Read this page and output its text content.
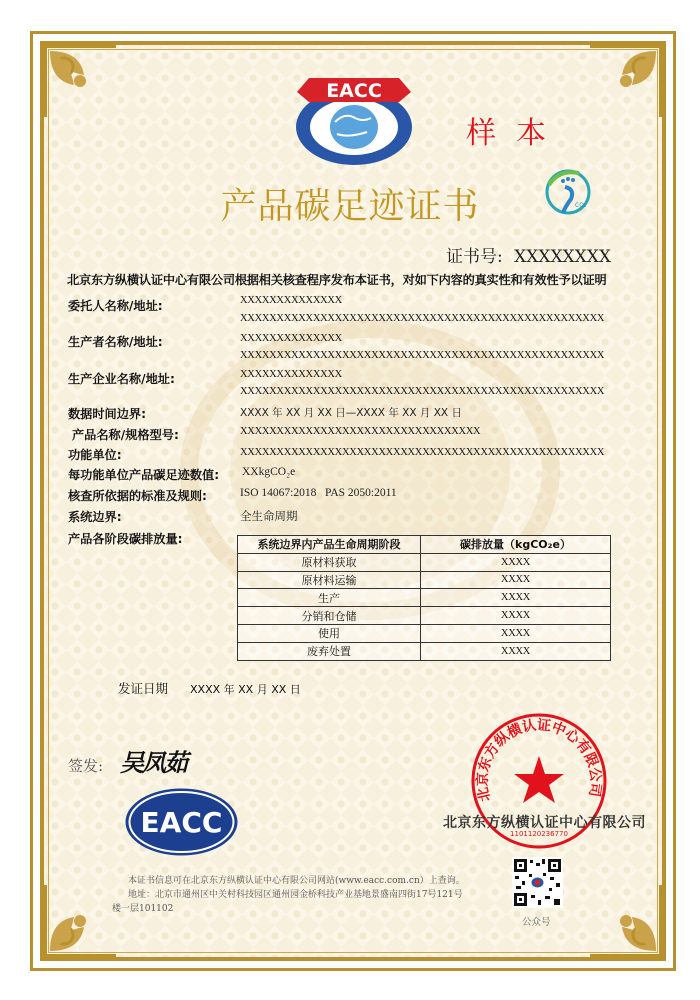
EACC
样本
产品碳足迹证书	CO₂
证书号: XXXXXXXX
北京东方纵横认证中心有限公司根据相关核查程序发布本证书，对如下内容的真实性和有效性予以证明
委托人名称/地址:	XXXXXXXXXXXXXX
XXXXXXXXXXXXXXXXXXXXXXXXXXXXXXXXXXXXXXXXXXXXXXXXXX
生产者名称/地址:	XXXXXXXXXXXXXX
XXXXXXXXXXXXXXXXXXXXXXXXXXXXXXXXXXXXXXXXXXXXXXXXXX
生产企业名称/地址:	XXXXXXXXXXXXXX
XXXXXXXXXXXXXXXXXXXXXXXXXXXXXXXXXXXXXXXXXXXXXXXXXX
数据时间边界:	XXXX 年 XX 月 XX 日—XXXX 年 XX 月 XX 日
产品名称/规格型号:	XXXXXXXXXXXXXXXXXXXXXXXXXXXXXXXXX
功能单位:	XXXXXXXXXXXXXXXXXXXXXXXXXXXXXXXXXXXXXXXXXXXXXXXXXX
每功能单位产品碳足迹数值: XXkgCO₂e
核查所依据的标准及规则:	ISO 14067:2018   PAS 2050:2011
系统边界:	全生命周期
产品各阶段碳排放量:	系统边界内产品生命周期阶段	碳排放量（kgCO₂e）
原材料获取	XXXX
原材料运输	XXXX
生产	XXXX
分销和仓储	XXXX
使用	XXXX
废弃处置	XXXX
发证日期 XXXX 年 XX 月 XX 日
签发: 吴凤茹
EACC
北京东方纵横认证中心有限公司
1101120236770
北京东方纵横认证中心有限公司
本证书信息可在北京东方纵横认证中心有限公司网站(www.eacc.com.cn）上查询。
地址：北京市通州区中关村科技园区通州园金桥科技产业基地景盛南四街17号121号
楼一层101102
公众号
